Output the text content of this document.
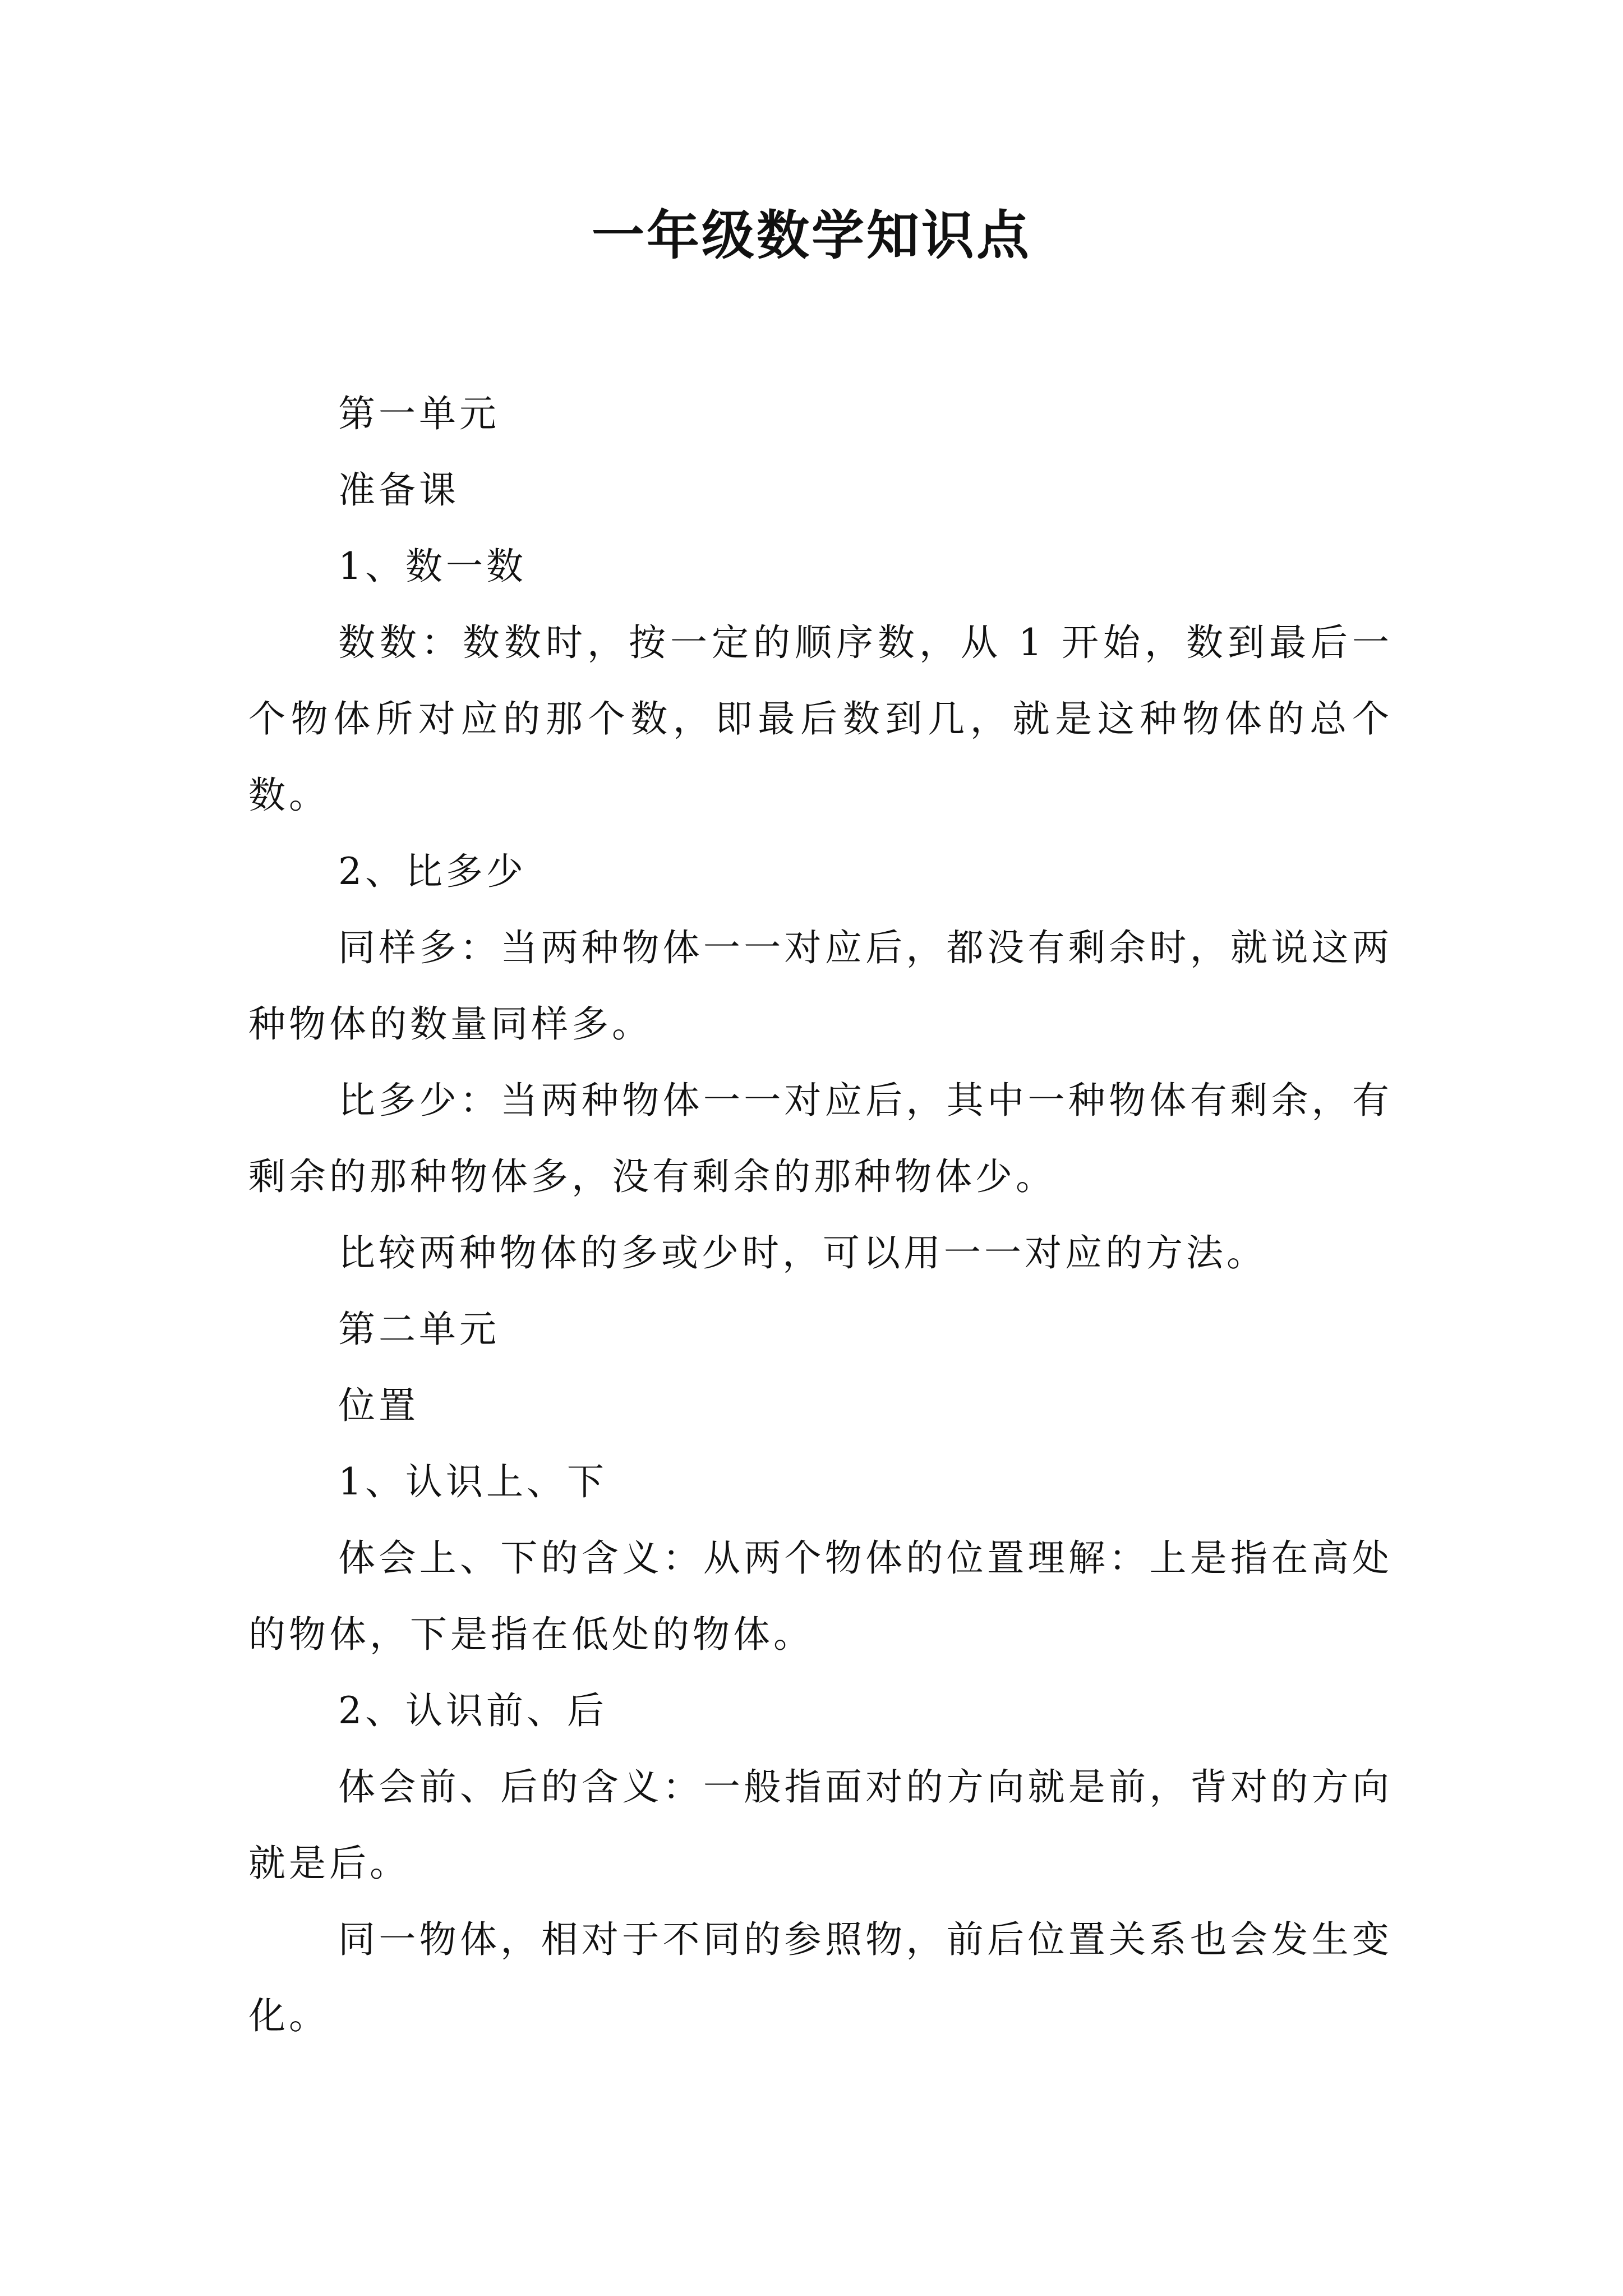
一年级数学知识点

第一单元

准备课

1、数一数

数数：数数时，按一定的顺序数，从 1 开始，数到最后一个物体所对应的那个数，即最后数到几，就是这种物体的总个数。

2、比多少

同样多：当两种物体一一对应后，都没有剩余时，就说这两种物体的数量同样多。

比多少：当两种物体一一对应后，其中一种物体有剩余，有剩余的那种物体多，没有剩余的那种物体少。

比较两种物体的多或少时，可以用一一对应的方法。

第二单元

位置

1、认识上、下

体会上、下的含义：从两个物体的位置理解：上是指在高处的物体，下是指在低处的物体。

2、认识前、后

体会前、后的含义：一般指面对的方向就是前，背对的方向就是后。

同一物体，相对于不同的参照物，前后位置关系也会发生变化。
